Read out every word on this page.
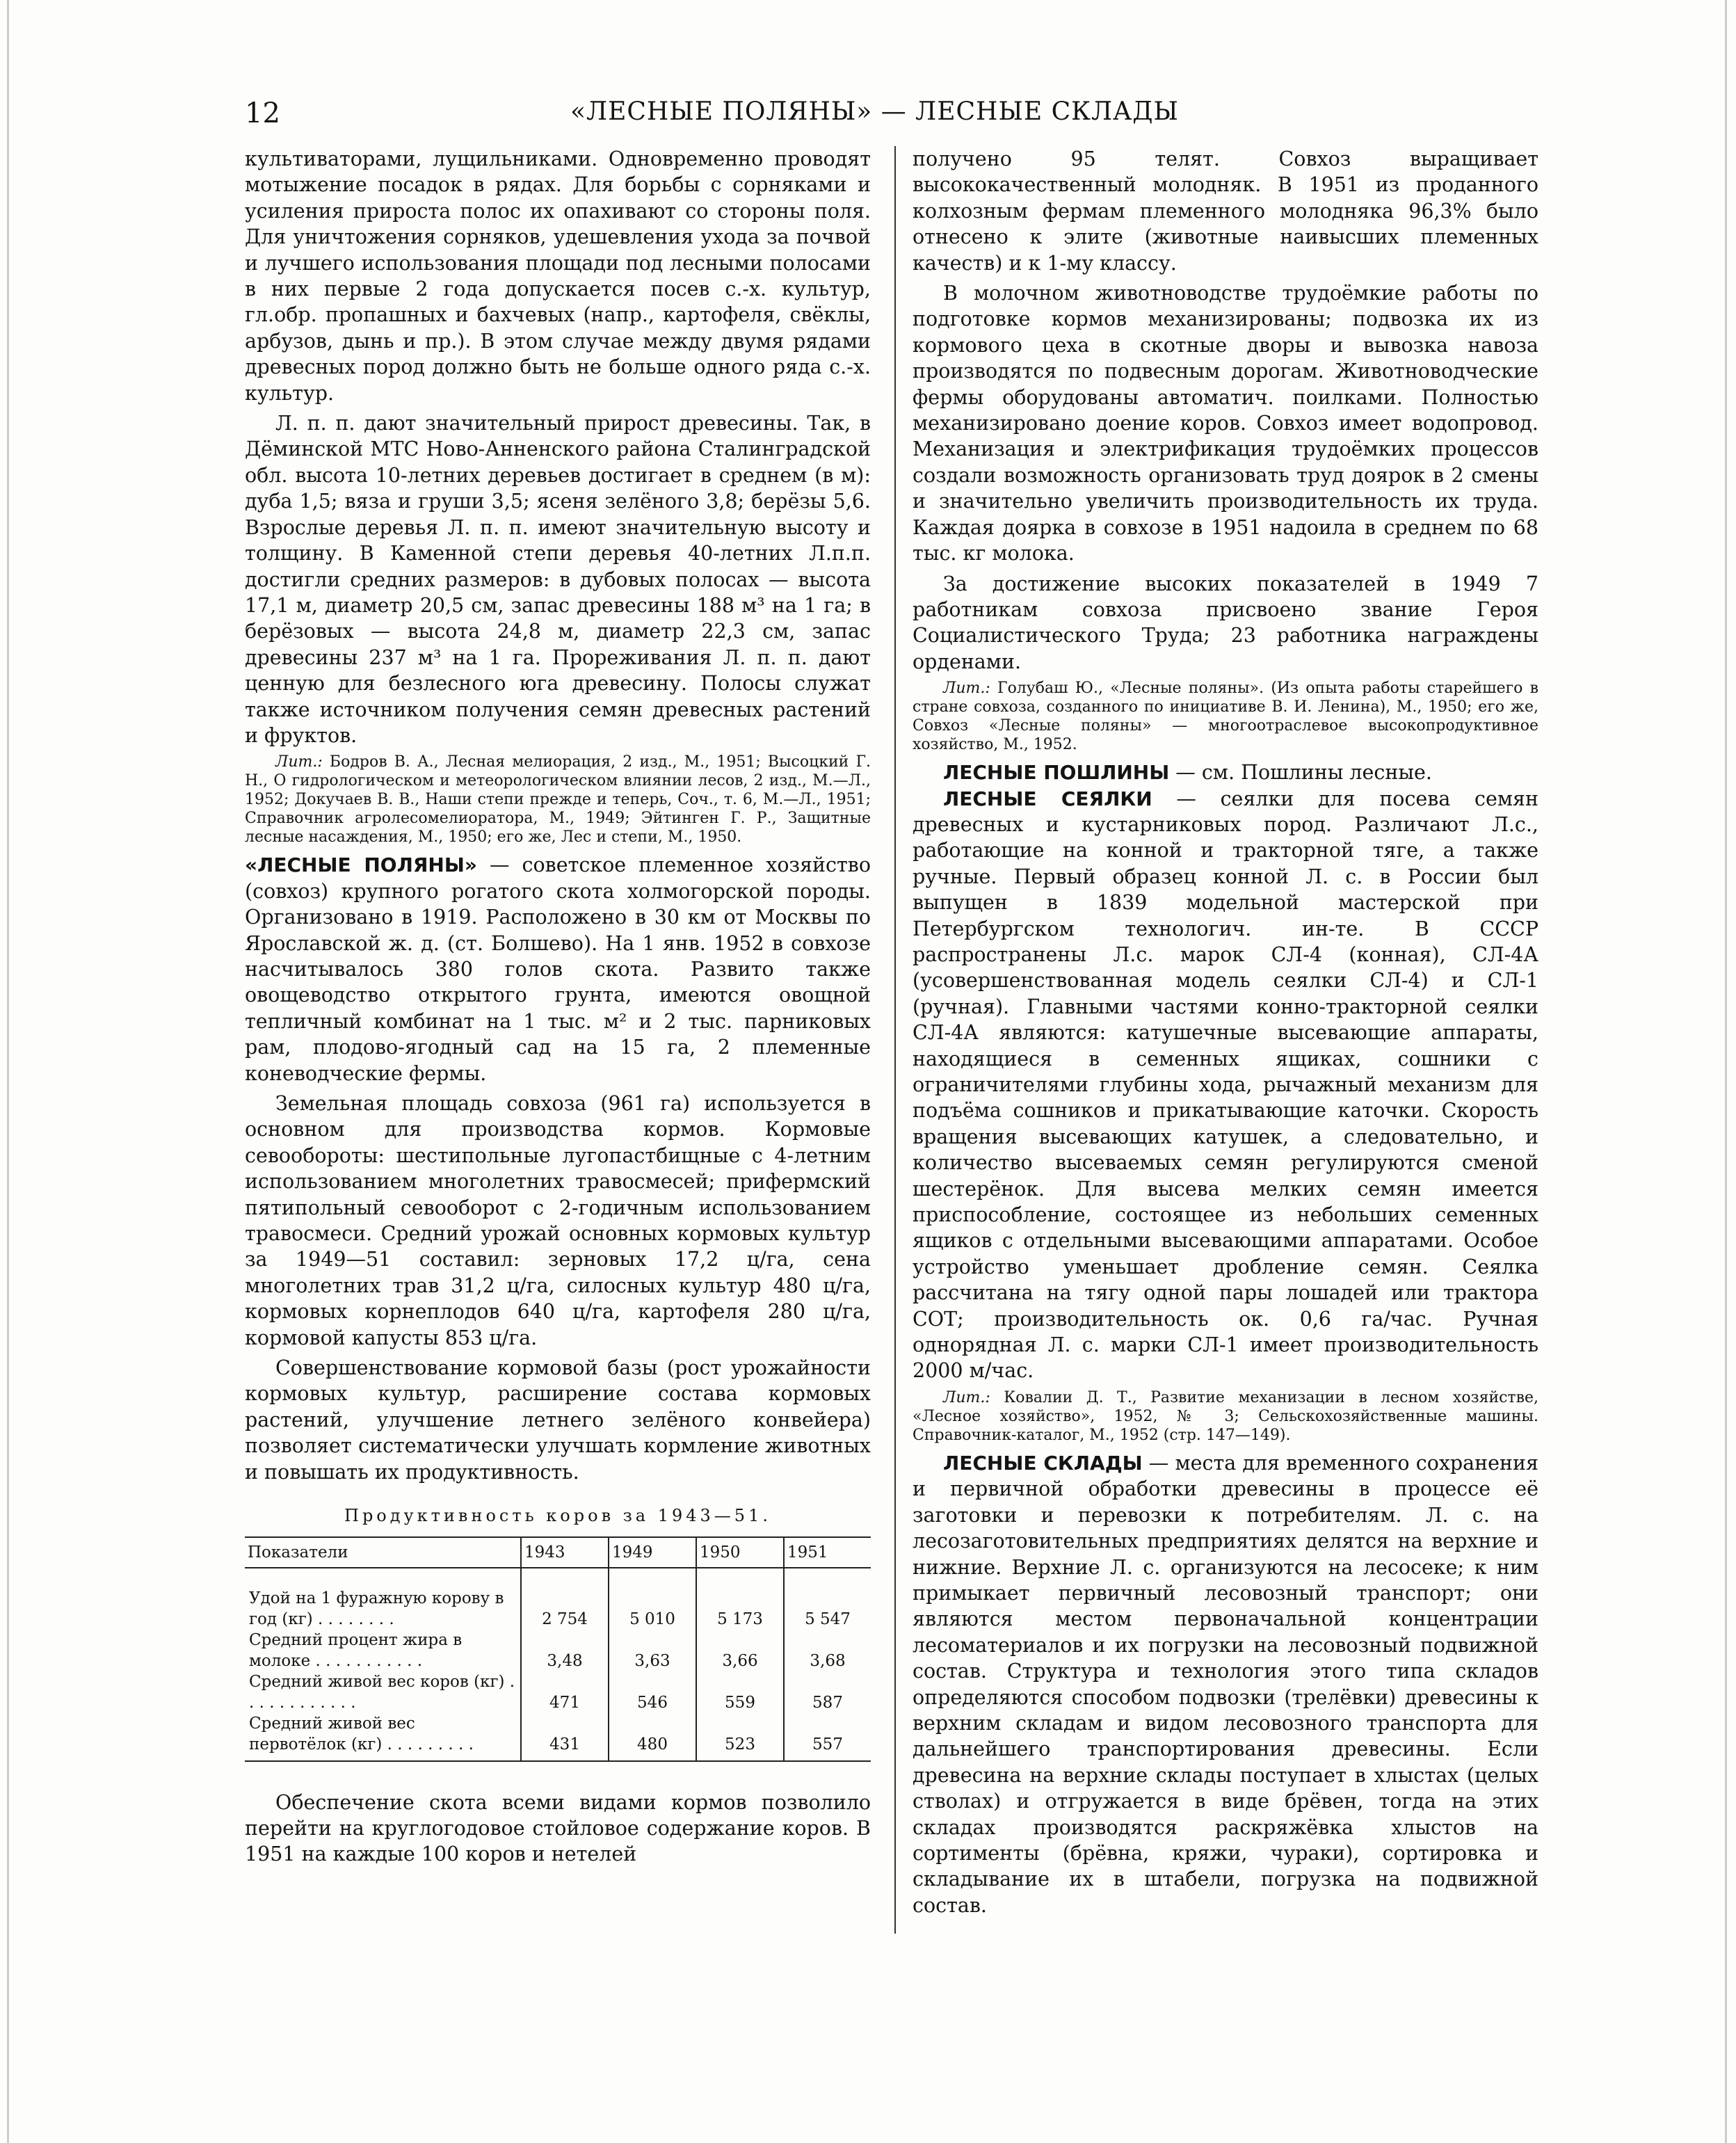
12	«ЛЕСНЫЕ ПОЛЯНЫ» — ЛЕСНЫЕ СКЛАДЫ

культиваторами, лущильниками. Одновременно проводят мотыжение посадок в рядах. Для борьбы с сорняками и усиления прироста полос их опахивают со стороны поля. Для уничтожения сорняков, удешевления ухода за почвой и лучшего использования площади под лесными полосами в них первые 2 года допускается посев с.-х. культур, гл.обр. пропашных и бахчевых (напр., картофеля, свёклы, арбузов, дынь и пр.). В этом случае между двумя рядами древесных пород должно быть не больше одного ряда с.-х. культур.

Л. п. п. дают значительный прирост древесины. Так, в Дёминской МТС Ново-Анненского района Сталинградской обл. высота 10-летних деревьев достигает в среднем (в м): дуба 1,5; вяза и груши 3,5; ясеня зелёного 3,8; берёзы 5,6. Взрослые деревья Л. п. п. имеют значительную высоту и толщину. В Каменной степи деревья 40-летних Л.п.п. достигли средних размеров: в дубовых полосах — высота 17,1 м, диаметр 20,5 см, запас древесины 188 м³ на 1 га; в берёзовых — высота 24,8 м, диаметр 22,3 см, запас древесины 237 м³ на 1 га. Прореживания Л. п. п. дают ценную для безлесного юга древесину. Полосы служат также источником получения семян древесных растений и фруктов.

Лит.: Бодров В. А., Лесная мелиорация, 2 изд., М., 1951; Высоцкий Г. Н., О гидрологическом и метеорологическом влиянии лесов, 2 изд., М.—Л., 1952; Докучаев В. В., Наши степи прежде и теперь, Соч., т. 6, М.—Л., 1951; Справочник агролесомелиоратора, М., 1949; Эйтинген Г. Р., Защитные лесные насаждения, М., 1950; его же, Лес и степи, М., 1950.

«ЛЕСНЫЕ ПОЛЯНЫ» — советское племенное хозяйство (совхоз) крупного рогатого скота холмогорской породы. Организовано в 1919. Расположено в 30 км от Москвы по Ярославской ж. д. (ст. Болшево). На 1 янв. 1952 в совхозе насчитывалось 380 голов скота. Развито также овощеводство открытого грунта, имеются овощной тепличный комбинат на 1 тыс. м² и 2 тыс. парниковых рам, плодово-ягодный сад на 15 га, 2 племенные коневодческие фермы.

Земельная площадь совхоза (961 га) используется в основном для производства кормов. Кормовые севообороты: шестипольные лугопастбищные с 4-летним использованием многолетних травосмесей; прифермский пятипольный севооборот с 2-годичным использованием травосмеси. Средний урожай основных кормовых культур за 1949—51 составил: зерновых 17,2 ц/га, сена многолетних трав 31,2 ц/га, силосных культур 480 ц/га, кормовых корнеплодов 640 ц/га, картофеля 280 ц/га, кормовой капусты 853 ц/га.

Совершенствование кормовой базы (рост урожайности кормовых культур, расширение состава кормовых растений, улучшение летнего зелёного конвейера) позволяет систематически улучшать кормление животных и повышать их продуктивность.

Продуктивность коров за 1943—51.
Показатели	1943	1949	1950	1951
Удой на 1 фуражную корову в год (кг) . . . . . . . .	2 754	5 010	5 173	5 547
Средний процент жира в молоке . . . . . . . . . . .	3,48	3,63	3,66	3,68
Средний живой вес коров (кг) . . . . . . . . . . . .	471	546	559	587
Средний живой вес первотёлок (кг) . . . . . . . . .	431	480	523	557

Обеспечение скота всеми видами кормов позволило перейти на круглогодовое стойловое содержание коров. В 1951 на каждые 100 коров и нетелей

получено 95 телят. Совхоз выращивает высококачественный молодняк. В 1951 из проданного колхозным фермам племенного молодняка 96,3% было отнесено к элите (животные наивысших племенных качеств) и к 1-му классу.

В молочном животноводстве трудоёмкие работы по подготовке кормов механизированы; подвозка их из кормового цеха в скотные дворы и вывозка навоза производятся по подвесным дорогам. Животноводческие фермы оборудованы автоматич. поилками. Полностью механизировано доение коров. Совхоз имеет водопровод. Механизация и электрификация трудоёмких процессов создали возможность организовать труд доярок в 2 смены и значительно увеличить производительность их труда. Каждая доярка в совхозе в 1951 надоила в среднем по 68 тыс. кг молока.

За достижение высоких показателей в 1949 7 работникам совхоза присвоено звание Героя Социалистического Труда; 23 работника награждены орденами.

Лит.: Голубаш Ю., «Лесные поляны». (Из опыта работы старейшего в стране совхоза, созданного по инициативе В. И. Ленина), М., 1950; его же, Совхоз «Лесные поляны» — многоотраслевое высокопродуктивное хозяйство, М., 1952.

ЛЕСНЫЕ ПОШЛИНЫ — см. Пошлины лесные.

ЛЕСНЫЕ СЕЯЛКИ — сеялки для посева семян древесных и кустарниковых пород. Различают Л.с., работающие на конной и тракторной тяге, а также ручные. Первый образец конной Л. с. в России был выпущен в 1839 модельной мастерской при Петербургском технологич. ин-те. В СССР распространены Л.с. марок СЛ-4 (конная), СЛ-4А (усовершенствованная модель сеялки СЛ-4) и СЛ-1 (ручная). Главными частями конно-тракторной сеялки СЛ-4А являются: катушечные высевающие аппараты, находящиеся в семенных ящиках, сошники с ограничителями глубины хода, рычажный механизм для подъёма сошников и прикатывающие каточки. Скорость вращения высевающих катушек, а следовательно, и количество высеваемых семян регулируются сменой шестерёнок. Для высева мелких семян имеется приспособление, состоящее из небольших семенных ящиков с отдельными высевающими аппаратами. Особое устройство уменьшает дробление семян. Сеялка рассчитана на тягу одной пары лошадей или трактора СОТ; производительность ок. 0,6 га/час. Ручная однорядная Л. с. марки СЛ-1 имеет производительность 2000 м/час.

Лит.: Ковалии Д. Т., Развитие механизации в лесном хозяйстве, «Лесное хозяйство», 1952, № 3; Сельскохозяйственные машины. Справочник-каталог, М., 1952 (стр. 147—149).

ЛЕСНЫЕ СКЛАДЫ — места для временного сохранения и первичной обработки древесины в процессе её заготовки и перевозки к потребителям. Л. с. на лесозаготовительных предприятиях делятся на верхние и нижние. Верхние Л. с. организуются на лесосеке; к ним примыкает первичный лесовозный транспорт; они являются местом первоначальной концентрации лесоматериалов и их погрузки на лесовозный подвижной состав. Структура и технология этого типа складов определяются способом подвозки (трелёвки) древесины к верхним складам и видом лесовозного транспорта для дальнейшего транспортирования древесины. Если древесина на верхние склады поступает в хлыстах (целых стволах) и отгружается в виде брёвен, тогда на этих складах производятся раскряжёвка хлыстов на сортименты (брёвна, кряжи, чураки), сортировка и складывание их в штабели, погрузка на подвижной состав.
